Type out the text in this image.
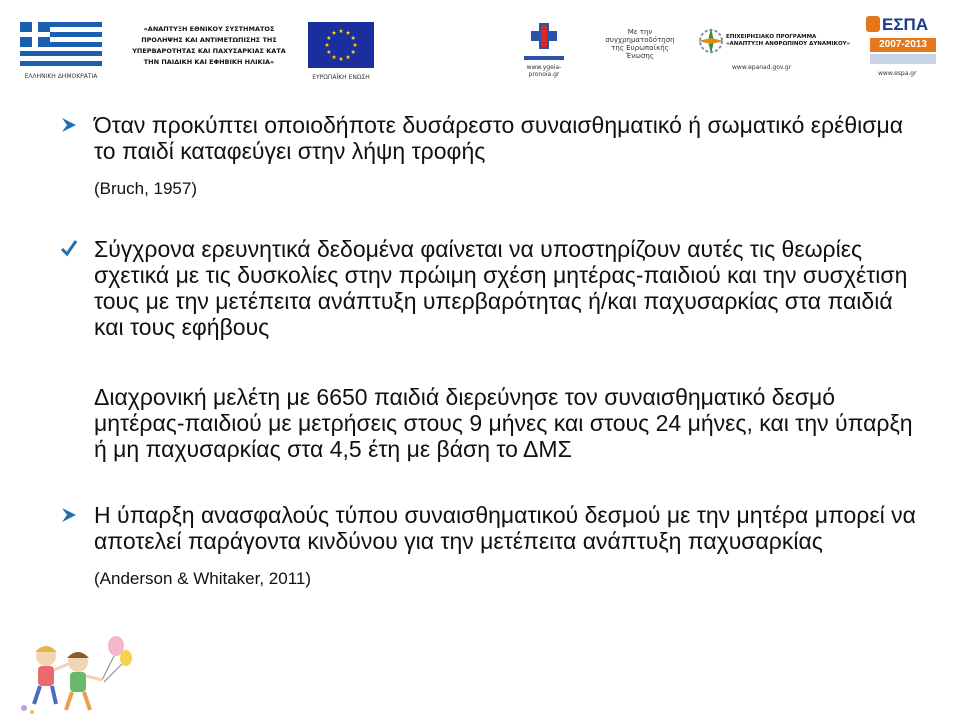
ΕΛΛΗΝΙΚΗ ΔΗΜΟΚΡΑΤΙΑ
«ΑΝΑΠΤΥΞΗ ΕΘΝΙΚΟΥ ΣΥΣΤΗΜΑΤΟΣ
ΠΡΟΛΗΨΗΣ ΚΑΙ ΑΝΤΙΜΕΤΩΠΙΣΗΣ ΤΗΣ
ΥΠΕΡΒΑΡΟΤΗΤΑΣ ΚΑΙ ΠΑΧΥΣΑΡΚΙΑΣ ΚΑΤΑ
ΤΗΝ ΠΑΙΔΙΚΗ ΚΑΙ ΕΦΗΒΙΚΗ ΗΛΙΚΙΑ»
ΕΥΡΩΠΑΪΚΗ ΕΝΩΣΗ
www.ygeia-
pronoia.gr
Με την
συγχρηματοδότηση
της Ευρωπαϊκής
Ένωσης
ΕΠΙΧΕΙΡΗΣΙΑΚΟ ΠΡΟΓΡΑΜΜΑ
«ΑΝΑΠΤΥΞΗ ΑΝΘΡΩΠΙΝΟΥ ΔΥΝΑΜΙΚΟΥ»
www.epanad.gov.gr
ΕΣΠΑ
2007-2013
www.espa.gr
Όταν προκύπτει οποιοδήποτε δυσάρεστο συναισθηματικό ή σωματικό ερέθισμα το παιδί καταφεύγει στην λήψη τροφής
(Bruch, 1957)
Σύγχρονα ερευνητικά δεδομένα φαίνεται να υποστηρίζουν αυτές τις θεωρίες σχετικά με τις δυσκολίες στην πρώιμη σχέση μητέρας-παιδιού και την συσχέτιση τους με την μετέπειτα ανάπτυξη υπερβαρότητας ή/και παχυσαρκίας στα παιδιά και τους εφήβους
Διαχρονική μελέτη με 6650 παιδιά διερεύνησε τον συναισθηματικό δεσμό μητέρας-παιδιού με μετρήσεις στους 9 μήνες και στους 24 μήνες, και την ύπαρξη ή μη παχυσαρκίας στα 4,5 έτη με βάση το ΔΜΣ
Η ύπαρξη ανασφαλούς τύπου συναισθηματικού δεσμού με την μητέρα μπορεί να αποτελεί παράγοντα κινδύνου για την μετέπειτα ανάπτυξη παχυσαρκίας
(Anderson & Whitaker, 2011)
